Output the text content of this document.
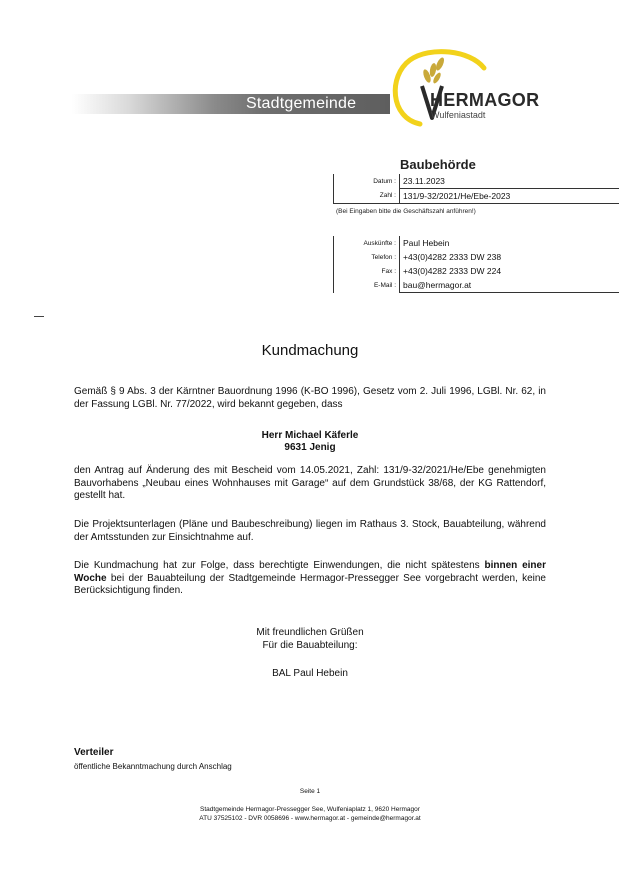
Stadtgemeinde	HERMAGOR
Wulfeniastadt
Baubehörde
Datum :	23.11.2023
Zahl :	131/9-32/2021/He/Ebe-2023
(Bei Eingaben bitte die Geschäftszahl anführen!)
Auskünfte :	Paul Hebein
Telefon :	+43(0)4282 2333 DW 238
Fax :	+43(0)4282 2333 DW 224
E-Mail :	bau@hermagor.at
Kundmachung
Gemäß § 9 Abs. 3 der Kärntner Bauordnung 1996 (K-BO 1996), Gesetz vom 2. Juli 1996, LGBl. Nr. 62, in der Fassung LGBl. Nr. 77/2022, wird bekannt gegeben, dass
Herr Michael Käferle
9631 Jenig
den Antrag auf Änderung des mit Bescheid vom 14.05.2021, Zahl: 131/9-32/2021/He/Ebe genehmigten Bauvorhabens „Neubau eines Wohnhauses mit Garage“ auf dem Grundstück 38/68, der KG Rattendorf, gestellt hat.
Die Projektsunterlagen (Pläne und Baubeschreibung) liegen im Rathaus 3. Stock, Bauabteilung, während der Amtsstunden zur Einsichtnahme auf.
Die Kundmachung hat zur Folge, dass berechtigte Einwendungen, die nicht spätestens binnen einer Woche bei der Bauabteilung der Stadtgemeinde Hermagor-Pressegger See vorgebracht werden, keine Berücksichtigung finden.
Mit freundlichen Grüßen
Für die Bauabteilung:
BAL Paul Hebein
Verteiler
öffentliche Bekanntmachung durch Anschlag
Seite 1
Stadtgemeinde Hermagor-Pressegger See, Wulfeniaplatz 1, 9620 Hermagor
ATU 37525102 - DVR 0058696 - www.hermagor.at - gemeinde@hermagor.at
